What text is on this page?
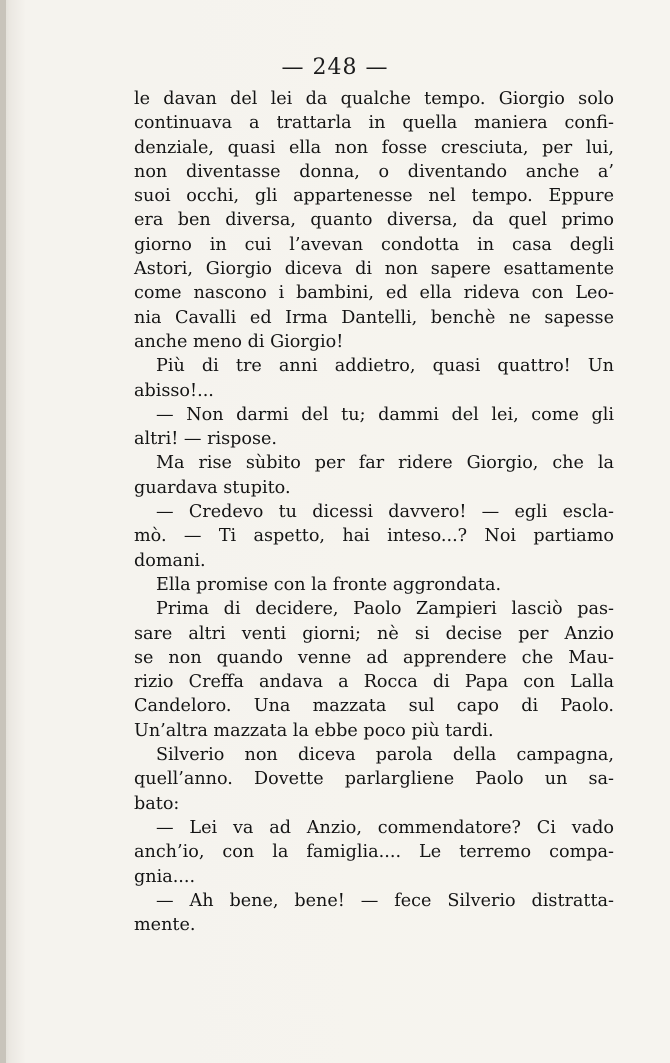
— 248 —
le davan del lei da qualche tempo. Giorgio solo
continuava a trattarla in quella maniera confi-
denziale, quasi ella non fosse cresciuta, per lui,
non diventasse donna, o diventando anche a’
suoi occhi, gli appartenesse nel tempo. Eppure
era ben diversa, quanto diversa, da quel primo
giorno in cui l’avevan condotta in casa degli
Astori, Giorgio diceva di non sapere esattamente
come nascono i bambini, ed ella rideva con Leo-
nia Cavalli ed Irma Dantelli, benchè ne sapesse
anche meno di Giorgio!
Più di tre anni addietro, quasi quattro! Un
abisso!...
— Non darmi del tu; dammi del lei, come gli
altri! — rispose.
Ma rise sùbito per far ridere Giorgio, che la
guardava stupito.
— Credevo tu dicessi davvero! — egli escla-
mò. — Ti aspetto, hai inteso...? Noi partiamo
domani.
Ella promise con la fronte aggrondata.
Prima di decidere, Paolo Zampieri lasciò pas-
sare altri venti giorni; nè si decise per Anzio
se non quando venne ad apprendere che Mau-
rizio Creffa andava a Rocca di Papa con Lalla
Candeloro. Una mazzata sul capo di Paolo.
Un’altra mazzata la ebbe poco più tardi.
Silverio non diceva parola della campagna,
quell’anno. Dovette parlargliene Paolo un sa-
bato:
— Lei va ad Anzio, commendatore? Ci vado
anch’io, con la famiglia.... Le terremo compa-
gnia....
— Ah bene, bene! — fece Silverio distratta-
mente.
